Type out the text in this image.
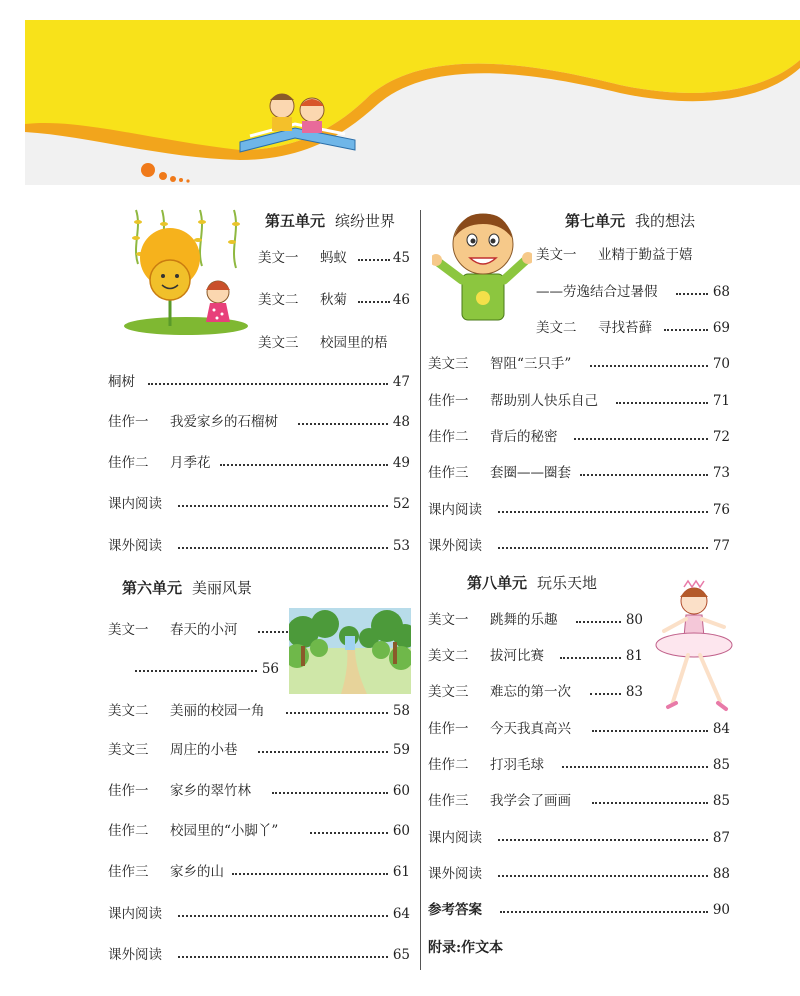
第五单元 缤纷世界
美文一 蚂蚁	45
美文二 秋菊	46
美文三 校园里的梧
桐树	47
佳作一 我爱家乡的石榴树	48
佳作二 月季花	49
课内阅读	52
课外阅读	53
第六单元 美丽风景
美文一 春天的小河
56
美文二 美丽的校园一角	58
美文三 周庄的小巷	59
佳作一 家乡的翠竹林	60
佳作二 校园里的“小脚丫”	60
佳作三 家乡的山	61
课内阅读	64
课外阅读	65
第七单元 我的想法
美文一 业精于勤益于嬉
——劳逸结合过暑假	68
美文二 寻找苔藓	69
美文三 智阻“三只手”	70
佳作一 帮助别人快乐自己	71
佳作二 背后的秘密	72
佳作三 套圈——圈套	73
课内阅读	76
课外阅读	77
第八单元 玩乐天地
美文一 跳舞的乐趣	80
美文二 拔河比赛	81
美文三 难忘的第一次	83
佳作一 今天我真高兴	84
佳作二 打羽毛球	85
佳作三 我学会了画画	85
课内阅读	87
课外阅读	88
参考答案	90
附录:作文本
